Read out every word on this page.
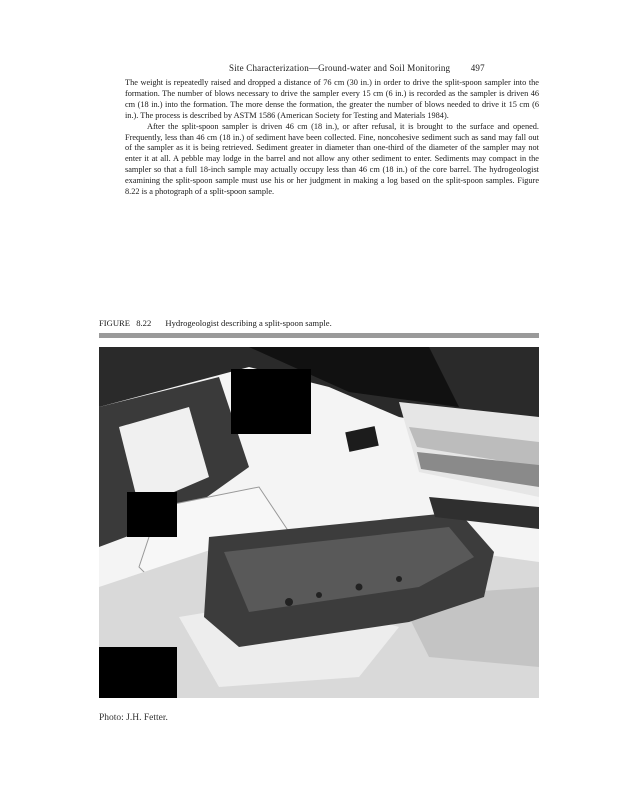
Site Characterization—Ground-water and Soil Monitoring 497

The weight is repeatedly raised and dropped a distance of 76 cm (30 in.) in order to drive the split-spoon sampler into the formation. The number of blows necessary to drive the sampler every 15 cm (6 in.) is recorded as the sampler is driven 46 cm (18 in.) into the formation. The more dense the formation, the greater the number of blows needed to drive it 15 cm (6 in.). The process is described by ASTM 1586 (American Society for Testing and Materials 1984).

After the split-spoon sampler is driven 46 cm (18 in.), or after refusal, it is brought to the surface and opened. Frequently, less than 46 cm (18 in.) of sediment have been collected. Fine, noncohesive sediment such as sand may fall out of the sampler as it is being retrieved. Sediment greater in diameter than one-third of the diameter of the sampler may not enter it at all. A pebble may lodge in the barrel and not allow any other sediment to enter. Sediments may compact in the sampler so that a full 18-inch sample may actually occupy less than 46 cm (18 in.) of the core barrel. The hydrogeologist examining the split-spoon sample must use his or her judgment in making a log based on the split-spoon samples. Figure 8.22 is a photograph of a split-spoon sample.

FIGURE 8.22 Hydrogeologist describing a split-spoon sample.
Photo: J.H. Fetter.
